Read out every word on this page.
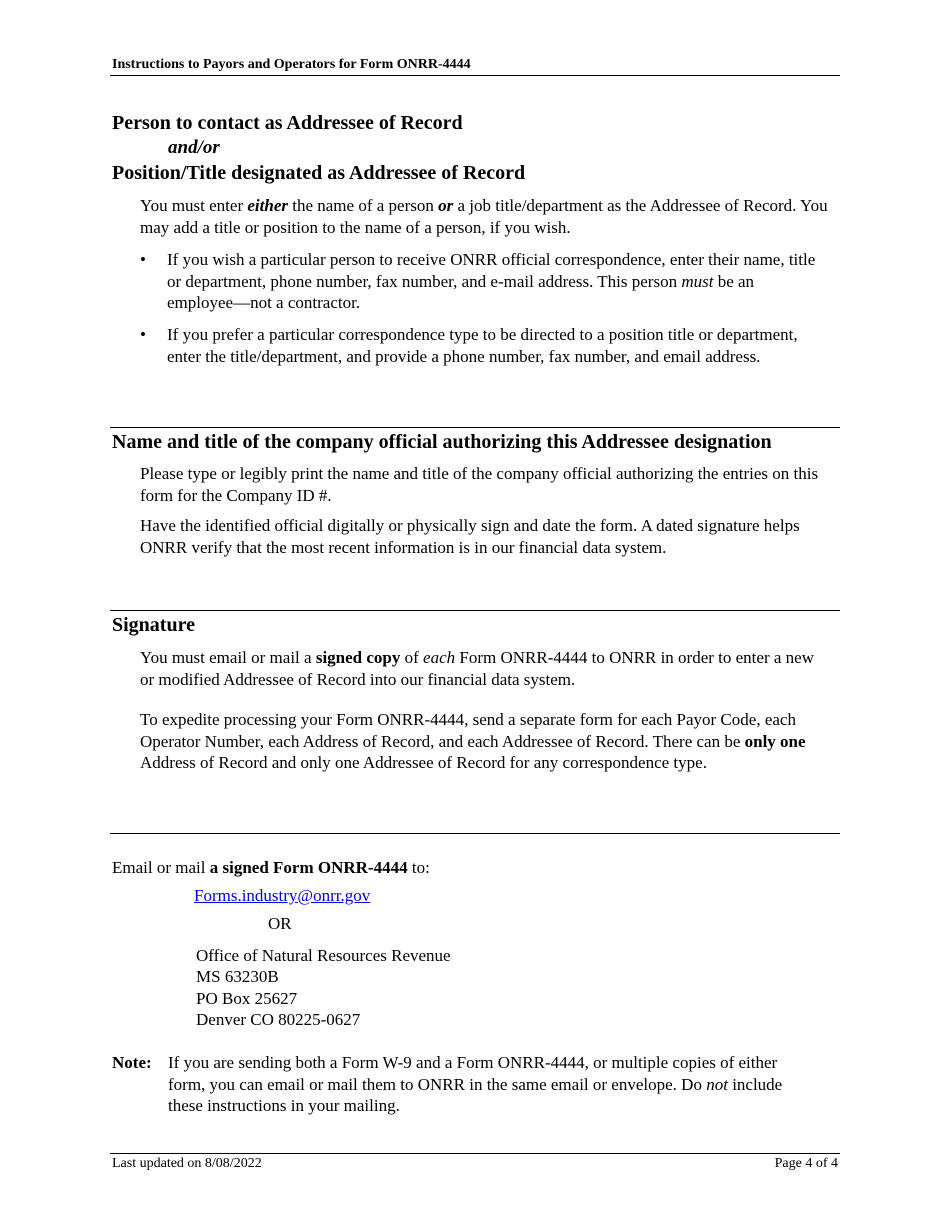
Instructions to Payors and Operators for Form ONRR-4444
Person to contact as Addressee of Record
and/or
Position/Title designated as Addressee of Record
You must enter either the name of a person or a job title/department as the Addressee of Record. You may add a title or position to the name of a person, if you wish.
• If you wish a particular person to receive ONRR official correspondence, enter their name, title or department, phone number, fax number, and e-mail address. This person must be an employee—not a contractor.
• If you prefer a particular correspondence type to be directed to a position title or department, enter the title/department, and provide a phone number, fax number, and email address.
Name and title of the company official authorizing this Addressee designation
Please type or legibly print the name and title of the company official authorizing the entries on this form for the Company ID #.
Have the identified official digitally or physically sign and date the form. A dated signature helps ONRR verify that the most recent information is in our financial data system.
Signature
You must email or mail a signed copy of each Form ONRR-4444 to ONRR in order to enter a new or modified Addressee of Record into our financial data system.
To expedite processing your Form ONRR-4444, send a separate form for each Payor Code, each Operator Number, each Address of Record, and each Addressee of Record. There can be only one Address of Record and only one Addressee of Record for any correspondence type.
Email or mail a signed Form ONRR-4444 to:
Forms.industry@onrr.gov
OR
Office of Natural Resources Revenue
MS 63230B
PO Box 25627
Denver CO 80225-0627
Note: If you are sending both a Form W-9 and a Form ONRR-4444, or multiple copies of either form, you can email or mail them to ONRR in the same email or envelope. Do not include these instructions in your mailing.
Last updated on 8/08/2022	Page 4 of 4
